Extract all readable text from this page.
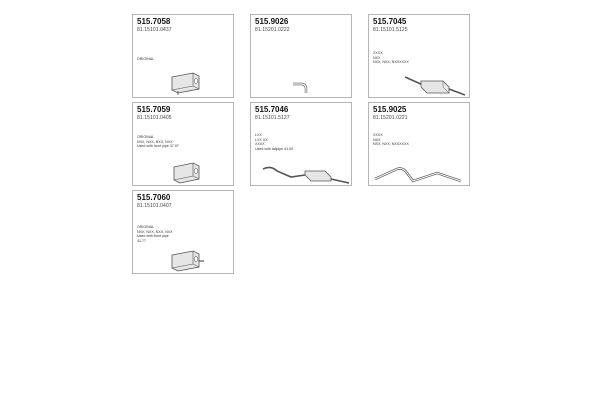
515.7058
81.15101.0437
ORIGINAL
515.9026
81.15201.0222
515.7045
81.15101.5125
XXXX
NXX
NXX, NXX, NXXXXXX
515.7059
81.15101.0405
ORIGINAL
NXX, NXX, NXX, NXX
Used with front pipe 47.97
515.7046
81.15101.5127
LXX
LXX XX
XXXX
Used with tailpipe 41.00
515.9025
81.15201.0221
XXXX
NXX
NXX, NXX, NXXXXXX
515.7060
81.15101.0407
ORIGINAL
NXX, NXX, NXX, NXX
Used with front pipe
41.77
